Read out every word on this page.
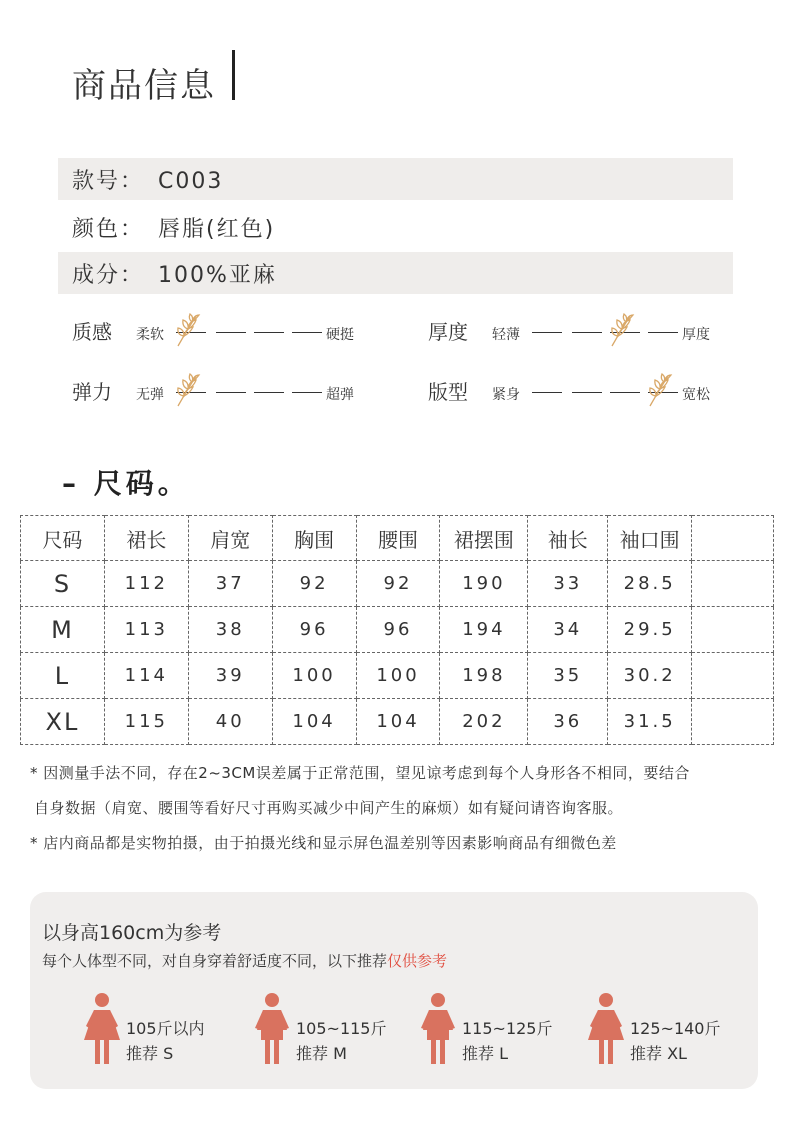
商品信息
款号： C003
颜色： 唇脂(红色)
成分： 100%亚麻
质感 柔软	硬挺	厚度 轻薄	厚度
弹力 无弹	超弹	版型 紧身	宽松
– 尺码。
尺码	裙长	肩宽	胸围	腰围	裙摆围	袖长	袖口围	
S	112	37	92	92	190	33	28.5	
M	113	38	96	96	194	34	29.5	
L	114	39	100	100	198	35	30.2	
XL	115	40	104	104	202	36	31.5	
* 因测量手法不同，存在2~3CM误差属于正常范围，望见谅考虑到每个人身形各不相同，要结合
自身数据（肩宽、腰围等看好尺寸再购买减少中间产生的麻烦）如有疑问请咨询客服。
* 店内商品都是实物拍摄，由于拍摄光线和显示屏色温差别等因素影响商品有细微色差
以身高160cm为参考
每个人体型不同，对自身穿着舒适度不同，以下推荐仅供参考
105斤以内
推荐 S
105~115斤
推荐 M
115~125斤
推荐 L
125~140斤
推荐 XL
